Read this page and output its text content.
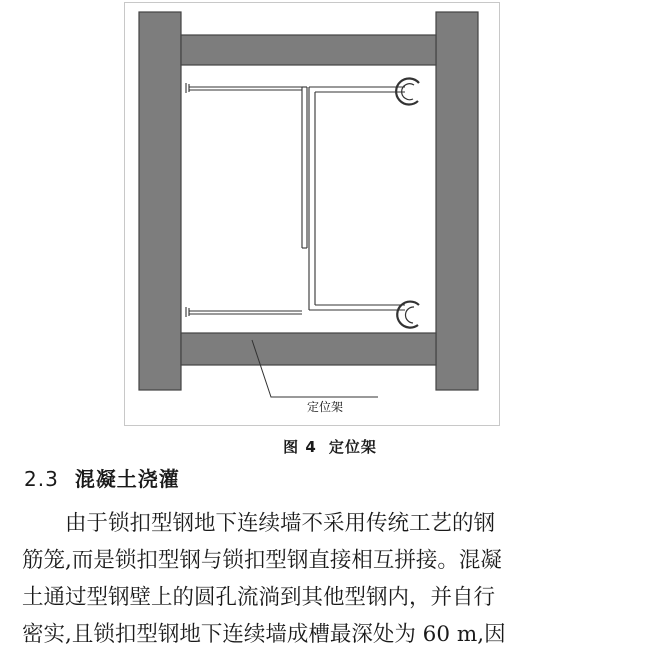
定位架
图 4 定位架
2.3 混凝土浇灌
由于锁扣型钢地下连续墙不采用传统工艺的钢
筋笼,而是锁扣型钢与锁扣型钢直接相互拼接。混凝
土通过型钢壁上的圆孔流淌到其他型钢内，并自行
密实,且锁扣型钢地下连续墙成槽最深处为 60 m,因
